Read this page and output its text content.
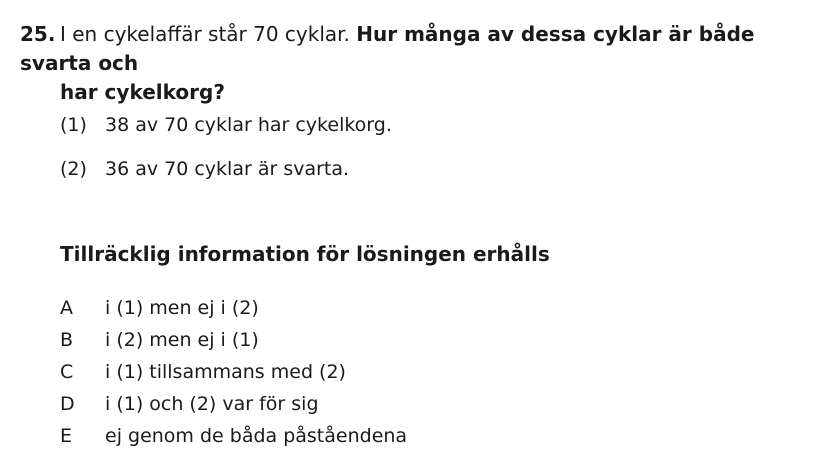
25. I en cykelaffär står 70 cyklar. Hur många av dessa cyklar är både svarta och
har cykelkorg?
(1) 38 av 70 cyklar har cykelkorg.
(2) 36 av 70 cyklar är svarta.
Tillräcklig information för lösningen erhålls
A i (1) men ej i (2)
B i (2) men ej i (1)
C i (1) tillsammans med (2)
D i (1) och (2) var för sig
E ej genom de båda påståendena
